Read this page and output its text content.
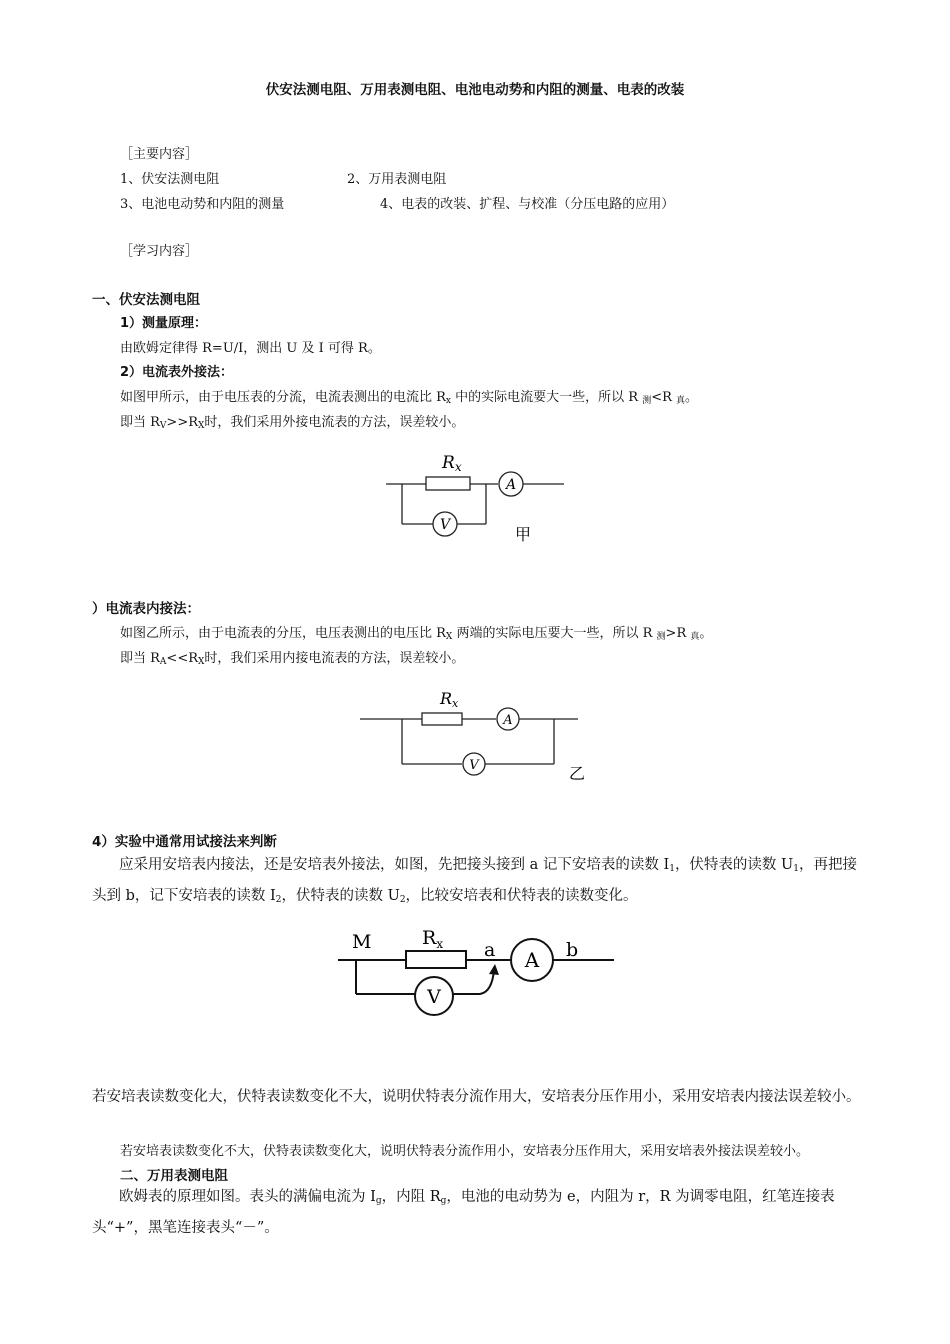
伏安法测电阻、万用表测电阻、电池电动势和内阻的测量、电表的改装
［主要内容］
1、伏安法测电阻	2、万用表测电阻
3、电池电动势和内阻的测量	4、电表的改装、扩程、与校准（分压电路的应用）
［学习内容］
一、伏安法测电阻
1）测量原理：
由欧姆定律得 R=U/I，测出 U 及 I 可得 R。
2）电流表外接法：
如图甲所示，由于电压表的分流，电流表测出的电流比 $R_x$ 中的实际电流要大一些，所以 R $_测$<R $_真$。
即当 $R_V>>R_X$时，我们采用外接电流表的方法，误差较小。
Rx
A
V	甲
）电流表内接法：
如图乙所示，由于电流表的分压，电压表测出的电压比 $R_X$ 两端的实际电压要大一些，所以 R $_测$>R $_真$。
即当 $R_A<<R_X$时，我们采用内接电流表的方法，误差较小。
Rx
A
V	乙
4）实验中通常用试接法来判断
应采用安培表内接法，还是安培表外接法，如图，先把接头接到 a 记下安培表的读数 $I_1$，伏特表的读数 $U_1$，再把接头到 b，记下安培表的读数 $I_2$，伏特表的读数 $U_2$，比较安培表和伏特表的读数变化。
M	$R_x$ a A b
V
若安培表读数变化大，伏特表读数变化不大，说明伏特表分流作用大，安培表分压作用小，采用安培表内接法误差较小。
若安培表读数变化不大，伏特表读数变化大，说明伏特表分流作用小，安培表分压作用大，采用安培表外接法误差较小。
二、万用表测电阻
欧姆表的原理如图。表头的满偏电流为 $I_g$，内阻 $R_g$，电池的电动势为 e，内阻为 r，R 为调零电阻，红笔连接表头“+”，黑笔连接表头“－”。
